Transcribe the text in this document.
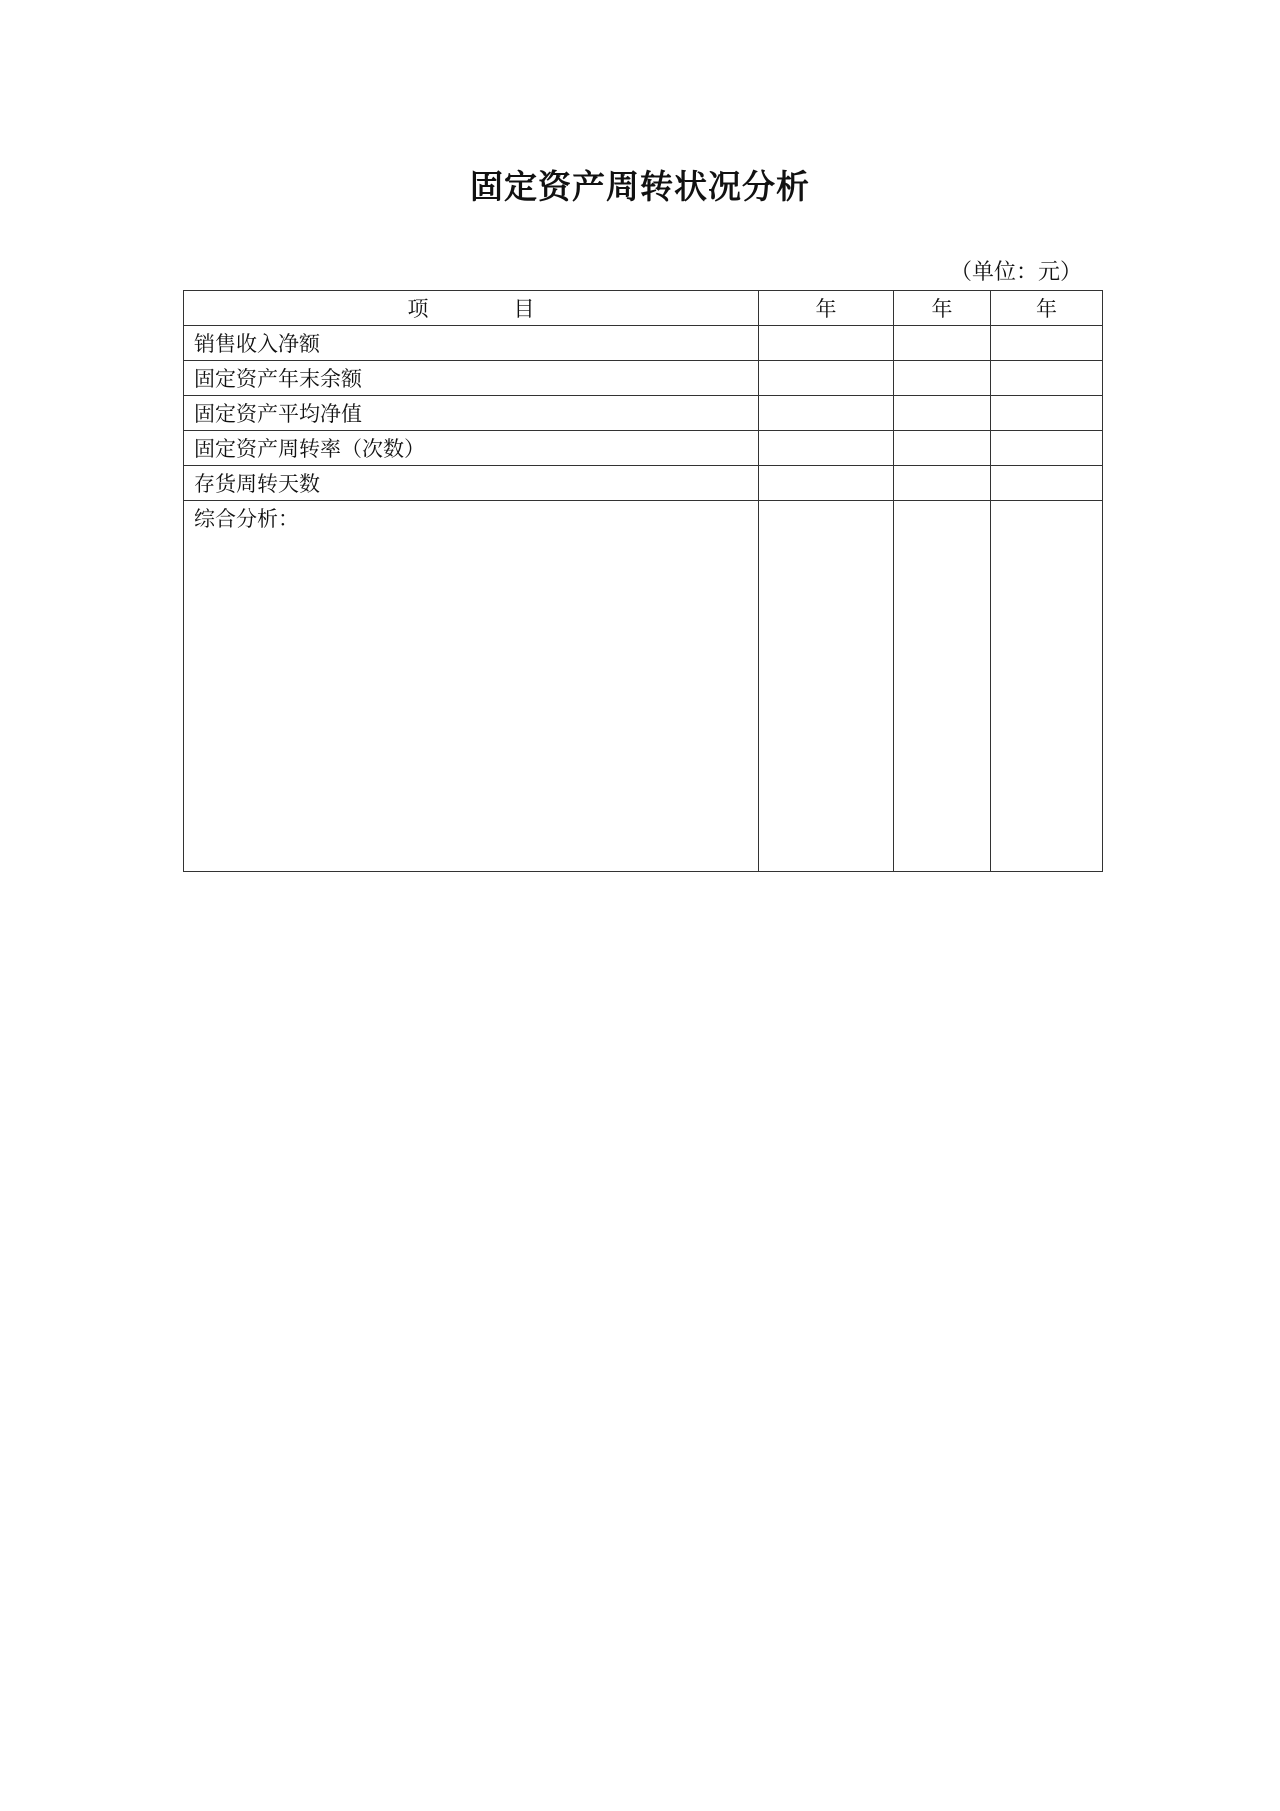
固定资产周转状况分析
（单位：元）
项 目	年	年	年
销售收入净额			
固定资产年末余额			
固定资产平均净值			
固定资产周转率（次数）			
存货周转天数			
综合分析：			
